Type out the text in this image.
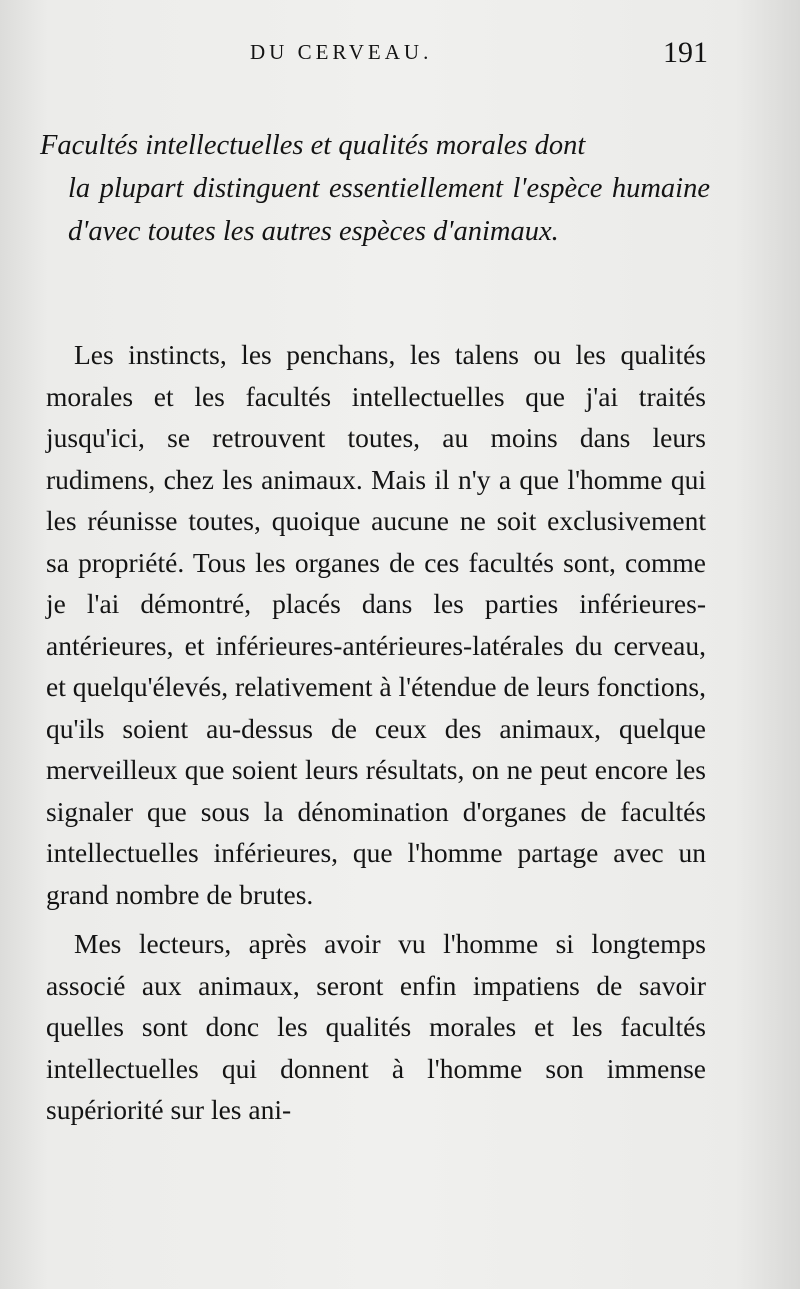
DU CERVEAU.	191
Facultés intellectuelles et qualités morales dont
la plupart distinguent essentiellement l'espèce humaine d'avec toutes les autres espèces d'animaux.

Les instincts, les penchans, les talens ou les qualités morales et les facultés intellectuelles que j'ai traités jusqu'ici, se retrouvent toutes, au moins dans leurs rudimens, chez les animaux. Mais il n'y a que l'homme qui les réunisse toutes, quoique aucune ne soit exclusivement sa propriété. Tous les organes de ces facultés sont, comme je l'ai démontré, placés dans les parties inférieures-antérieures, et inférieures-antérieures-latérales du cerveau, et quelqu'élevés, relativement à l'étendue de leurs fonctions, qu'ils soient au-dessus de ceux des animaux, quelque merveilleux que soient leurs résultats, on ne peut encore les signaler que sous la dénomination d'organes de facultés intellectuelles inférieures, que l'homme partage avec un grand nombre de brutes.

Mes lecteurs, après avoir vu l'homme si longtemps associé aux animaux, seront enfin impatiens de savoir quelles sont donc les qualités morales et les facultés intellectuelles qui donnent à l'homme son immense supériorité sur les ani-
